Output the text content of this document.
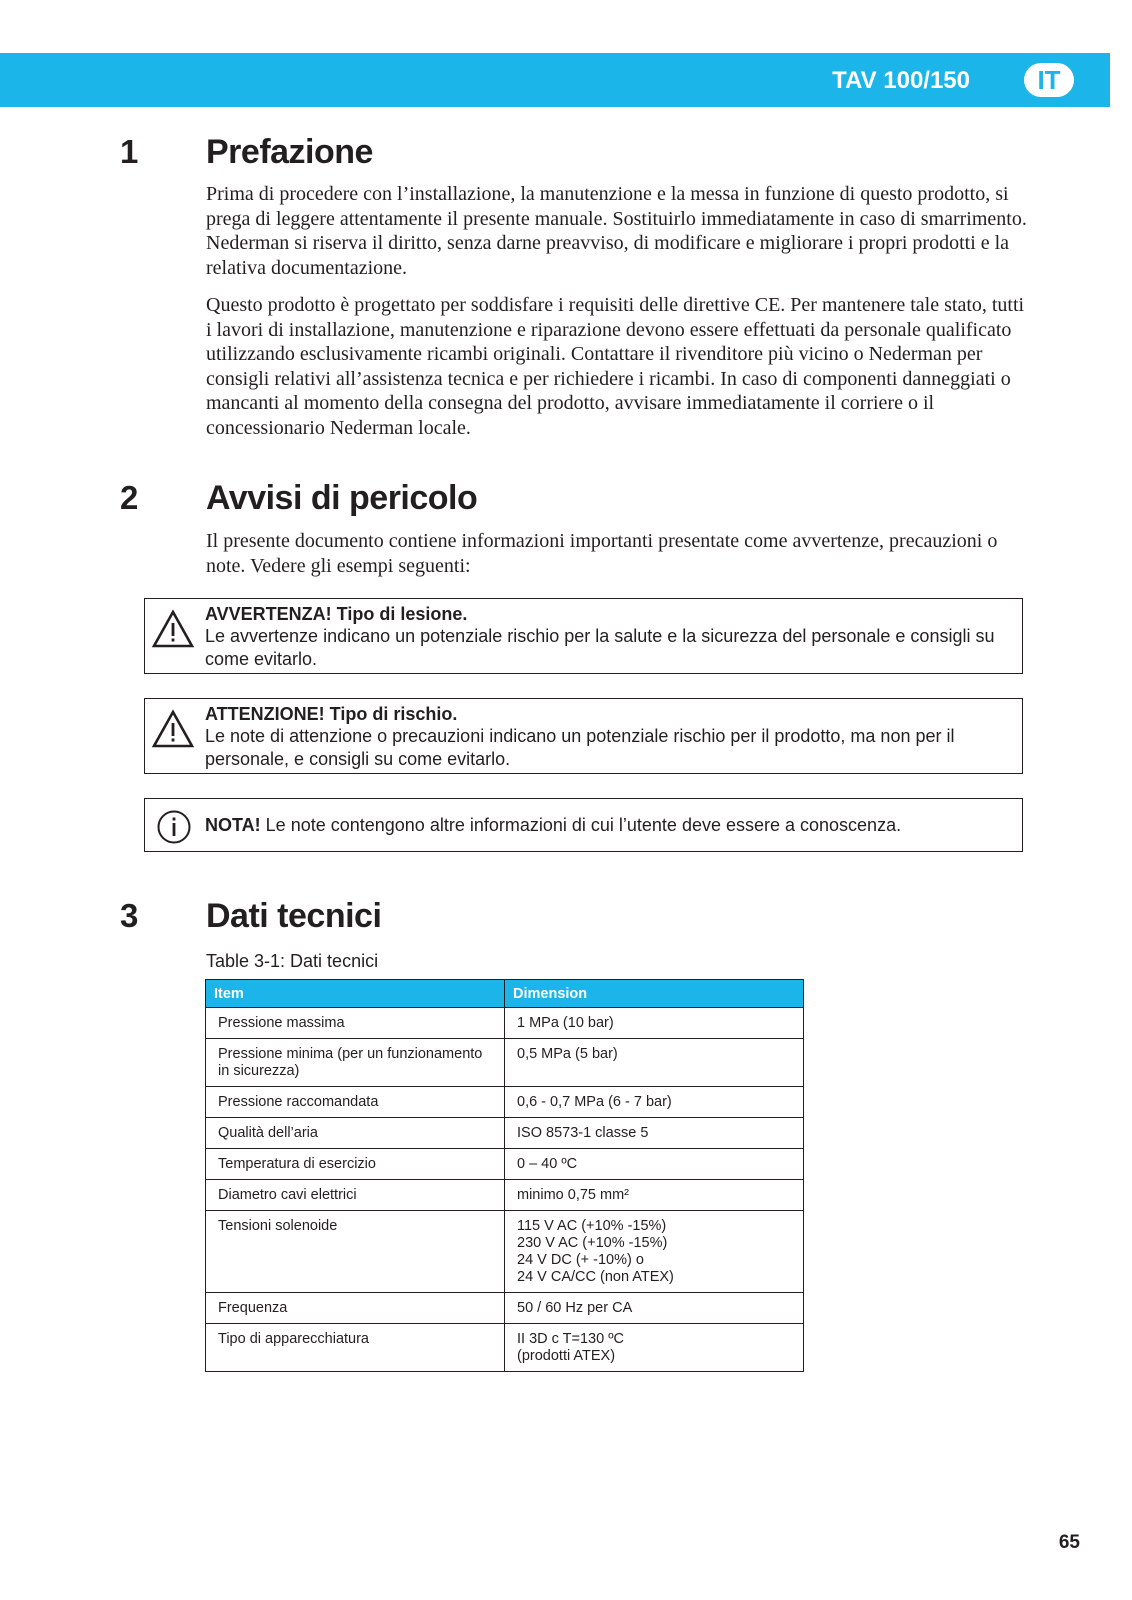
TAV 100/150	IT
1	Prefazione

Prima di procedere con l’installazione, la manutenzione e la messa in funzione di questo prodotto, si prega di leggere attentamente il presente manuale. Sostituirlo immediatamente in caso di smarrimento. Nederman si riserva il diritto, senza darne preavviso, di modificare e migliorare i propri prodotti e la relativa documentazione.

Questo prodotto è progettato per soddisfare i requisiti delle direttive CE. Per mantenere tale stato, tutti i lavori di installazione, manutenzione e riparazione devono essere effettuati da personale qualificato utilizzando esclusivamente ricambi originali. Contattare il rivenditore più vicino o Nederman per consigli relativi all’assistenza tecnica e per richiedere i ricambi. In caso di componenti danneggiati o mancanti al momento della consegna del prodotto, avvisare immediatamente il corriere o il concessionario Nederman locale.

2	Avvisi di pericolo

Il presente documento contiene informazioni importanti presentate come avvertenze, precauzioni o note. Vedere gli esempi seguenti:

AVVERTENZA! Tipo di lesione.
Le avvertenze indicano un potenziale rischio per la salute e la sicurezza del personale e consigli su come evitarlo.
ATTENZIONE! Tipo di rischio.
Le note di attenzione o precauzioni indicano un potenziale rischio per il prodotto, ma non per il personale, e consigli su come evitarlo.
NOTA! Le note contengono altre informazioni di cui l’utente deve essere a conoscenza.
3	Dati tecnici
Table 3-1: Dati tecnici
Item	Dimension

Pressione massima	1 MPa (10 bar)

Pressione minima (per un funzionamento
in sicurezza)	0,5 MPa (5 bar)

Pressione raccomandata	0,6 - 0,7 MPa (6 - 7 bar)

Qualità dell’aria	ISO 8573-1 classe 5

Temperatura di esercizio	0 – 40 ºC

Diametro cavi elettrici	minimo 0,75 mm²

Tensioni solenoide	115 V AC (+10% -15%)
230 V AC (+10% -15%)
24 V DC (+ -10%) o
24 V CA/CC (non ATEX)

Frequenza	50 / 60 Hz per CA

Tipo di apparecchiatura	II 3D c T=130 ºC
(prodotti ATEX)
65
